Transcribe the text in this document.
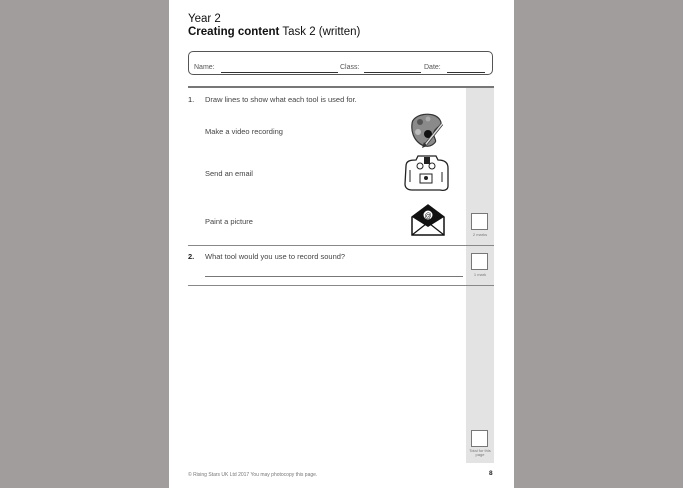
Year 2
Creating content Task 2 (written)
Name:	Class:	Date:
1. Draw lines to show what each tool is used for.
Make a video recording
Send an email
Paint a picture
@
2 marks
2. What tool would you use to record sound?
1 mark
Total for this page
© Rising Stars UK Ltd 2017 You may photocopy this page.	8
